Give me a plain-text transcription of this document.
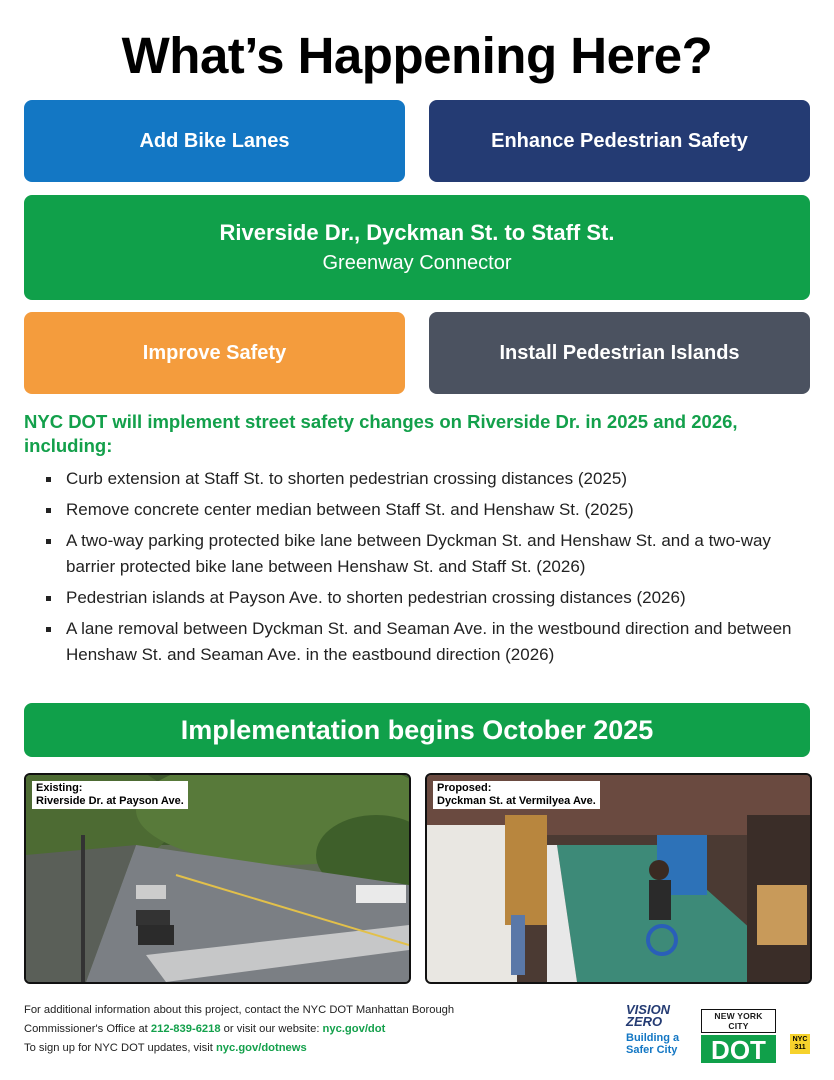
What’s Happening Here?
Add Bike Lanes	Enhance Pedestrian Safety
Riverside Dr., Dyckman St. to Staff St.
Greenway Connector
Improve Safety	Install Pedestrian Islands
NYC DOT will implement street safety changes on Riverside Dr. in 2025 and 2026, including:
Curb extension at Staff St. to shorten pedestrian crossing distances (2025)
Remove concrete center median between Staff St. and Henshaw St. (2025)
A two-way parking protected bike lane between Dyckman St. and Henshaw St. and a two-way barrier protected bike lane between Henshaw St. and Staff St. (2026)
Pedestrian islands at Payson Ave. to shorten pedestrian crossing distances (2026)
A lane removal between Dyckman St. and Seaman Ave. in the westbound direction and between Henshaw St. and Seaman Ave. in the eastbound direction (2026)
Implementation begins October 2025
Existing:
Riverside Dr. at Payson Ave.
Proposed:
Dyckman St. at Vermilyea Ave.
For additional information about this project, contact the NYC DOT Manhattan Borough
Commissioner's Office at 212-839-6218 or visit our website: nyc.gov/dot
To sign up for NYC DOT updates, visit nyc.gov/dotnews
VISION ZERO
Building a
Safer City
NEW YORK CITY
DOT	NYC
311
